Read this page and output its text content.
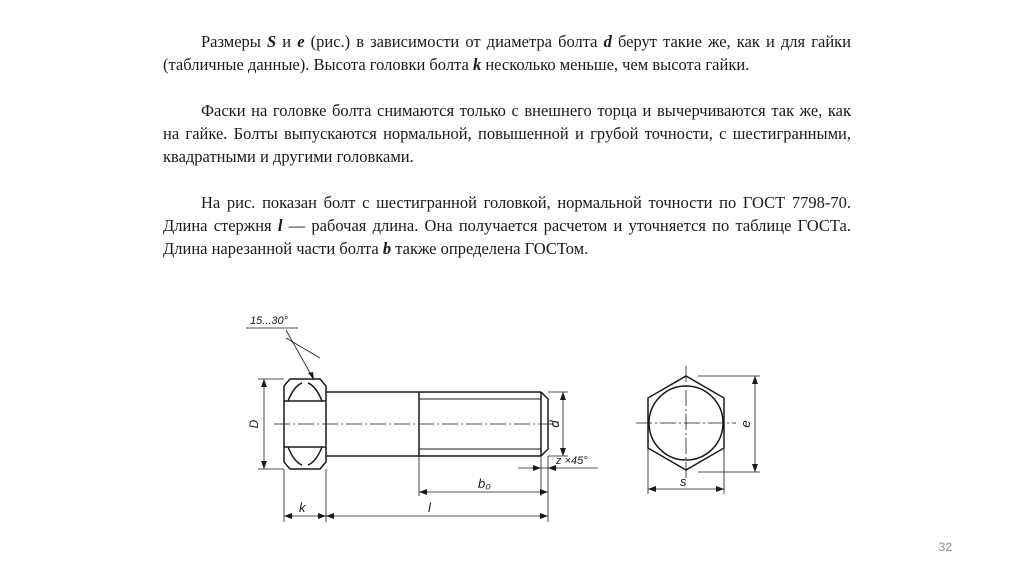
Размеры S и e (рис.) в зависимости от диаметра болта d берут такие же, как и для гайки (табличные данные). Высота головки болта k несколько меньше, чем высота гайки.

Фаски на головке болта снимаются только с внешнего торца и вычерчиваются так же, как на гайке. Болты выпускаются нормальной, повышенной и грубой точности, с шестигранными, квадратными и другими головками.

На рис. показан болт с шестигранной головкой, нормальной точности по ГОСТ 7798-70. Длина стержня l — рабочая длина. Она получается расчетом и уточняется по таблице ГОСТа. Длина нарезанной части болта b также определена ГОСТом.

15...30°
D	d
z ×45°
b₀
l
k
e
s
32
